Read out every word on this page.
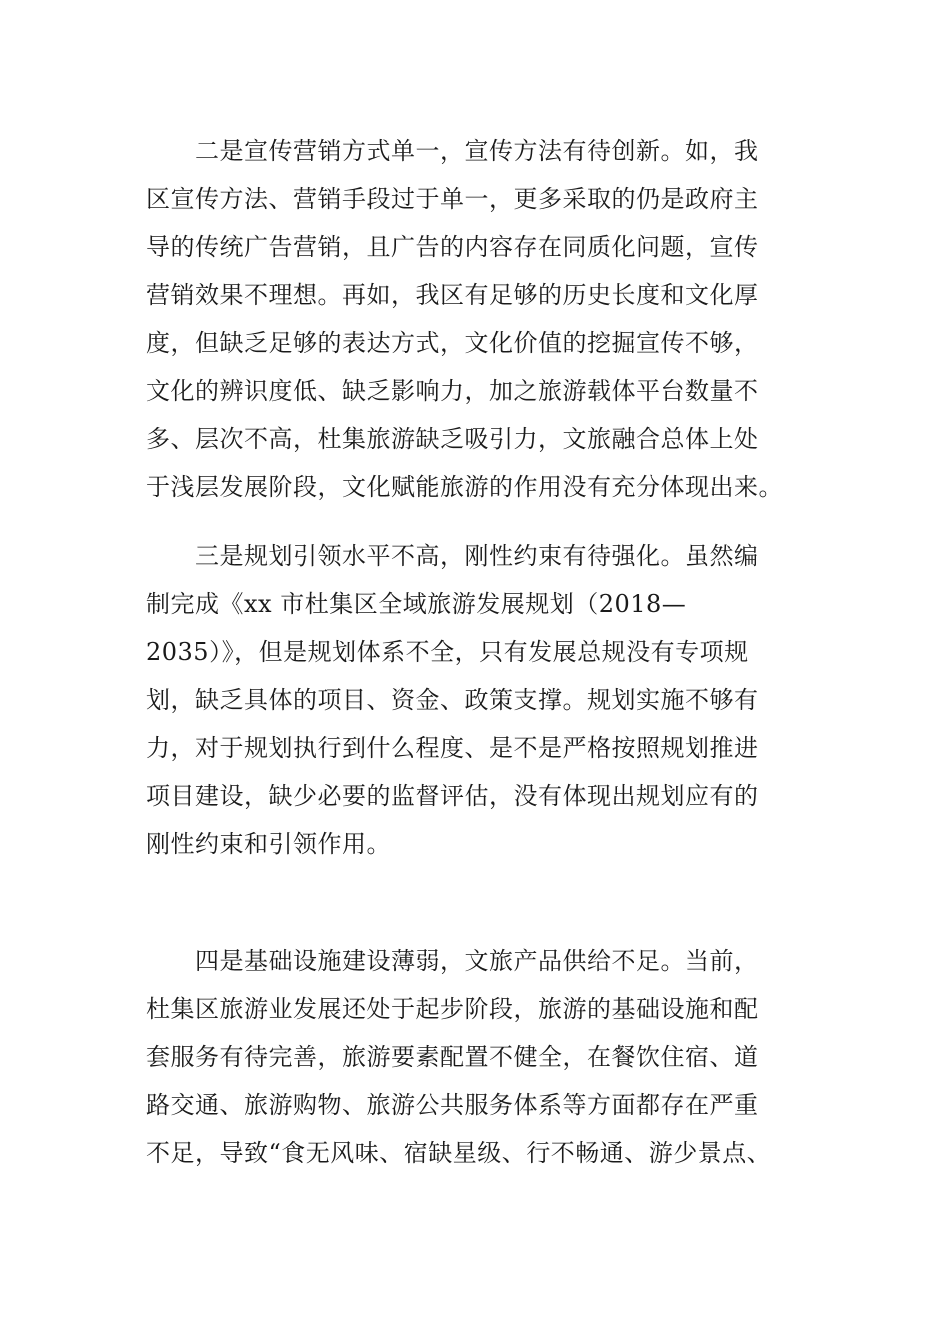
　　二是宣传营销方式单一，宣传方法有待创新。如，我
区宣传方法、营销手段过于单一，更多采取的仍是政府主
导的传统广告营销，且广告的内容存在同质化问题，宣传
营销效果不理想。再如，我区有足够的历史长度和文化厚
度，但缺乏足够的表达方式，文化价值的挖掘宣传不够，
文化的辨识度低、缺乏影响力，加之旅游载体平台数量不
多、层次不高，杜集旅游缺乏吸引力，文旅融合总体上处
于浅层发展阶段，文化赋能旅游的作用没有充分体现出来。
　　三是规划引领水平不高，刚性约束有待强化。虽然编
制完成《xx 市杜集区全域旅游发展规划（2018—
2035）》，但是规划体系不全，只有发展总规没有专项规
划，缺乏具体的项目、资金、政策支撑。规划实施不够有
力，对于规划执行到什么程度、是不是严格按照规划推进
项目建设，缺少必要的监督评估，没有体现出规划应有的
刚性约束和引领作用。
　　四是基础设施建设薄弱，文旅产品供给不足。当前，
杜集区旅游业发展还处于起步阶段，旅游的基础设施和配
套服务有待完善，旅游要素配置不健全，在餐饮住宿、道
路交通、旅游购物、旅游公共服务体系等方面都存在严重
不足，导致“食无风味、宿缺星级、行不畅通、游少景点、
